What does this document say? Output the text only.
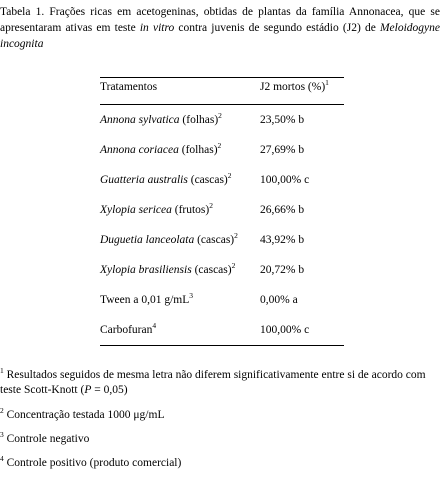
Tabela 1. Frações ricas em acetogeninas, obtidas de plantas da família Annonacea, que se apresentaram ativas em teste in vitro contra juvenis de segundo estádio (J2) de Meloidogyne incognita
Tratamentos	J2 mortos (%)$^1$
Annona sylvatica (folhas)$^2$	23,50% b
Annona coriacea (folhas)$^2$	27,69% b
Guatteria australis (cascas)$^2$	100,00% c
Xylopia sericea (frutos)$^2$	26,66% b
Duguetia lanceolata (cascas)$^2$	43,92% b
Xylopia brasiliensis (cascas)$^2$	20,72% b
Tween a 0,01 $g/mL^3$	0,00% a
Carbofuran$^4$	100,00% c
$^1$ Resultados seguidos de mesma letra não diferem significativamente entre si de acordo com teste Scott-Knott (P = 0,05)
$^2$ Concentração testada 1000 μg/mL
$^3$ Controle negativo
$^4$ Controle positivo (produto comercial)
